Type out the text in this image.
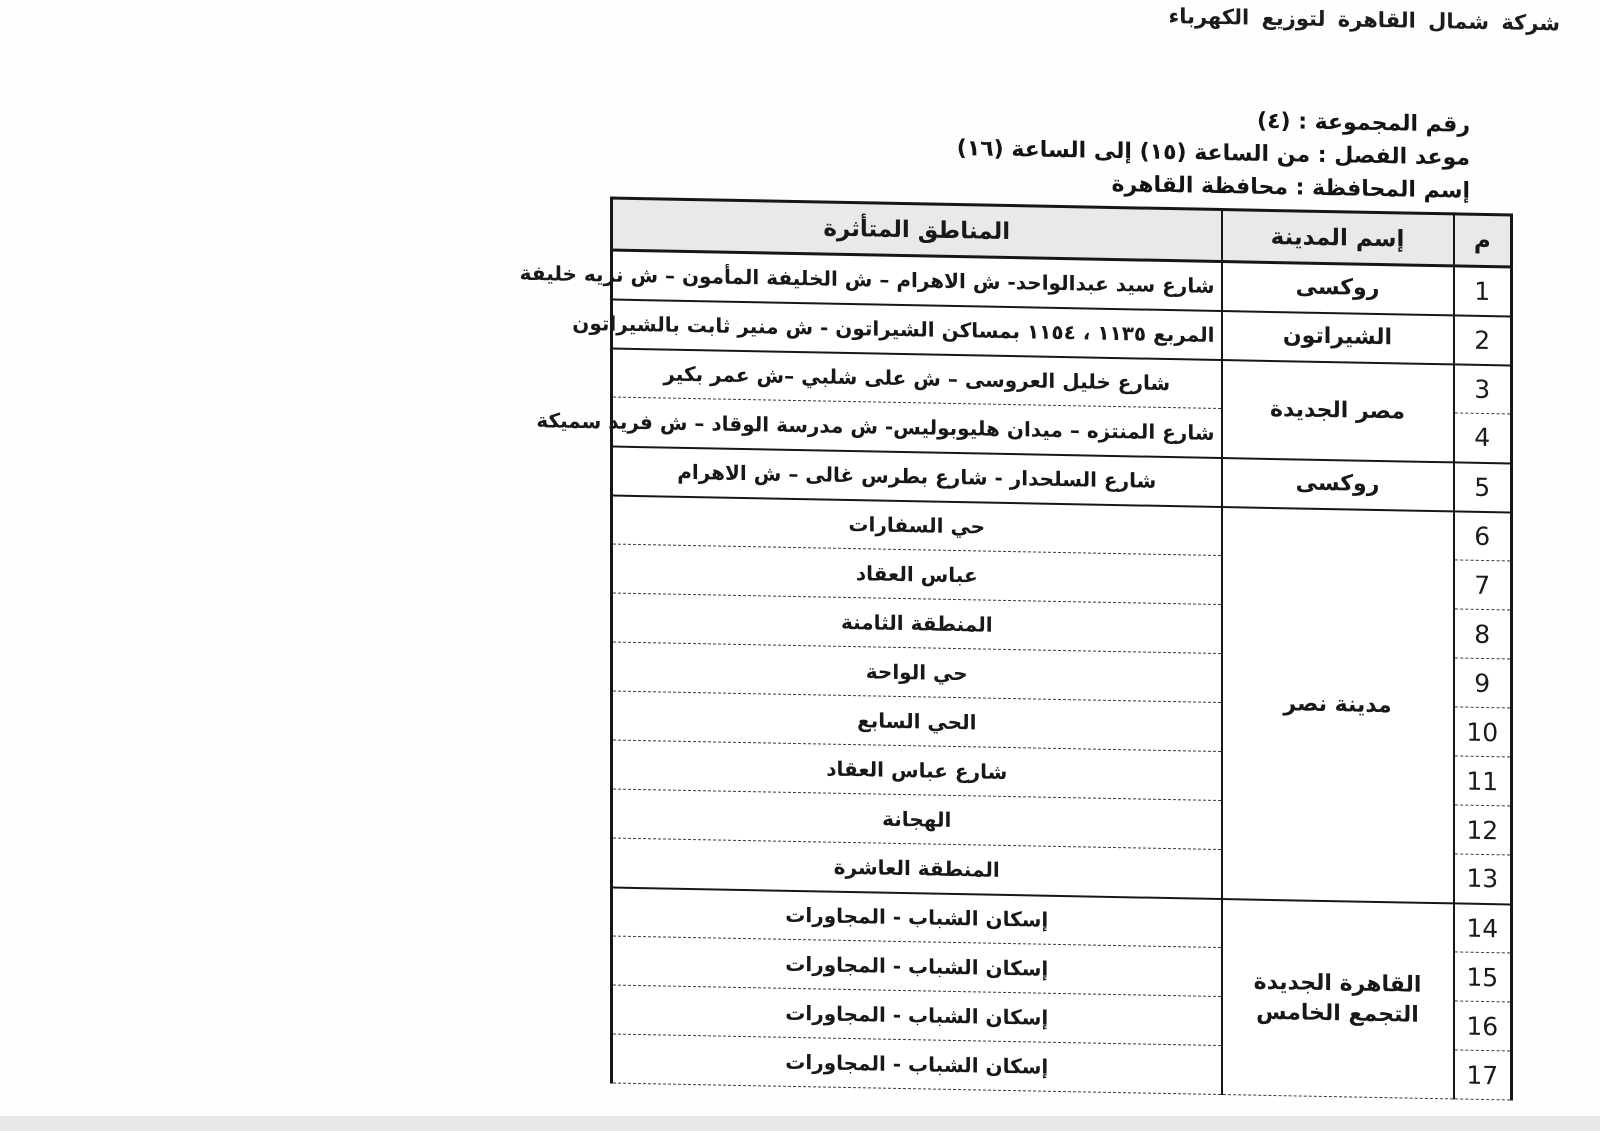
شركة شمال القاهرة لتوزيع الكهرباء
رقم المجموعة : (٤)
موعد الفصل : من الساعة (١٥) إلى الساعة (١٦)
إسم المحافظة : محافظة القاهرة
م	إسم المدينة	المناطق المتأثرة
1	روكسى	شارع سيد عبدالواحد- ش الاهرام – ش الخليفة المأمون – ش نزيه خليفة
2	الشيراتون	المربع ١١٣٥ ، ١١٥٤ بمساكن الشيراتون - ش منير ثابت بالشيراتون
3	مصر الجديدة	شارع خليل العروسى – ش على شلبي –ش عمر بكير
4		شارع المنتزه – ميدان هليوبوليس- ش مدرسة الوقاد – ش فريد سميكة
5	روكسى	شارع السلحدار - شارع بطرس غالى – ش الاهرام
6	مدينة نصر	حي السفارات
7		عباس العقاد
8		المنطقة الثامنة
9		حي الواحة
10		الحي السابع
11		شارع عباس العقاد
12		الهجانة
13		المنطقة العاشرة
14	القاهرة الجديدة التجمع الخامس	إسكان الشباب - المجاورات
15		إسكان الشباب - المجاورات
16		إسكان الشباب - المجاورات
17		إسكان الشباب - المجاورات
